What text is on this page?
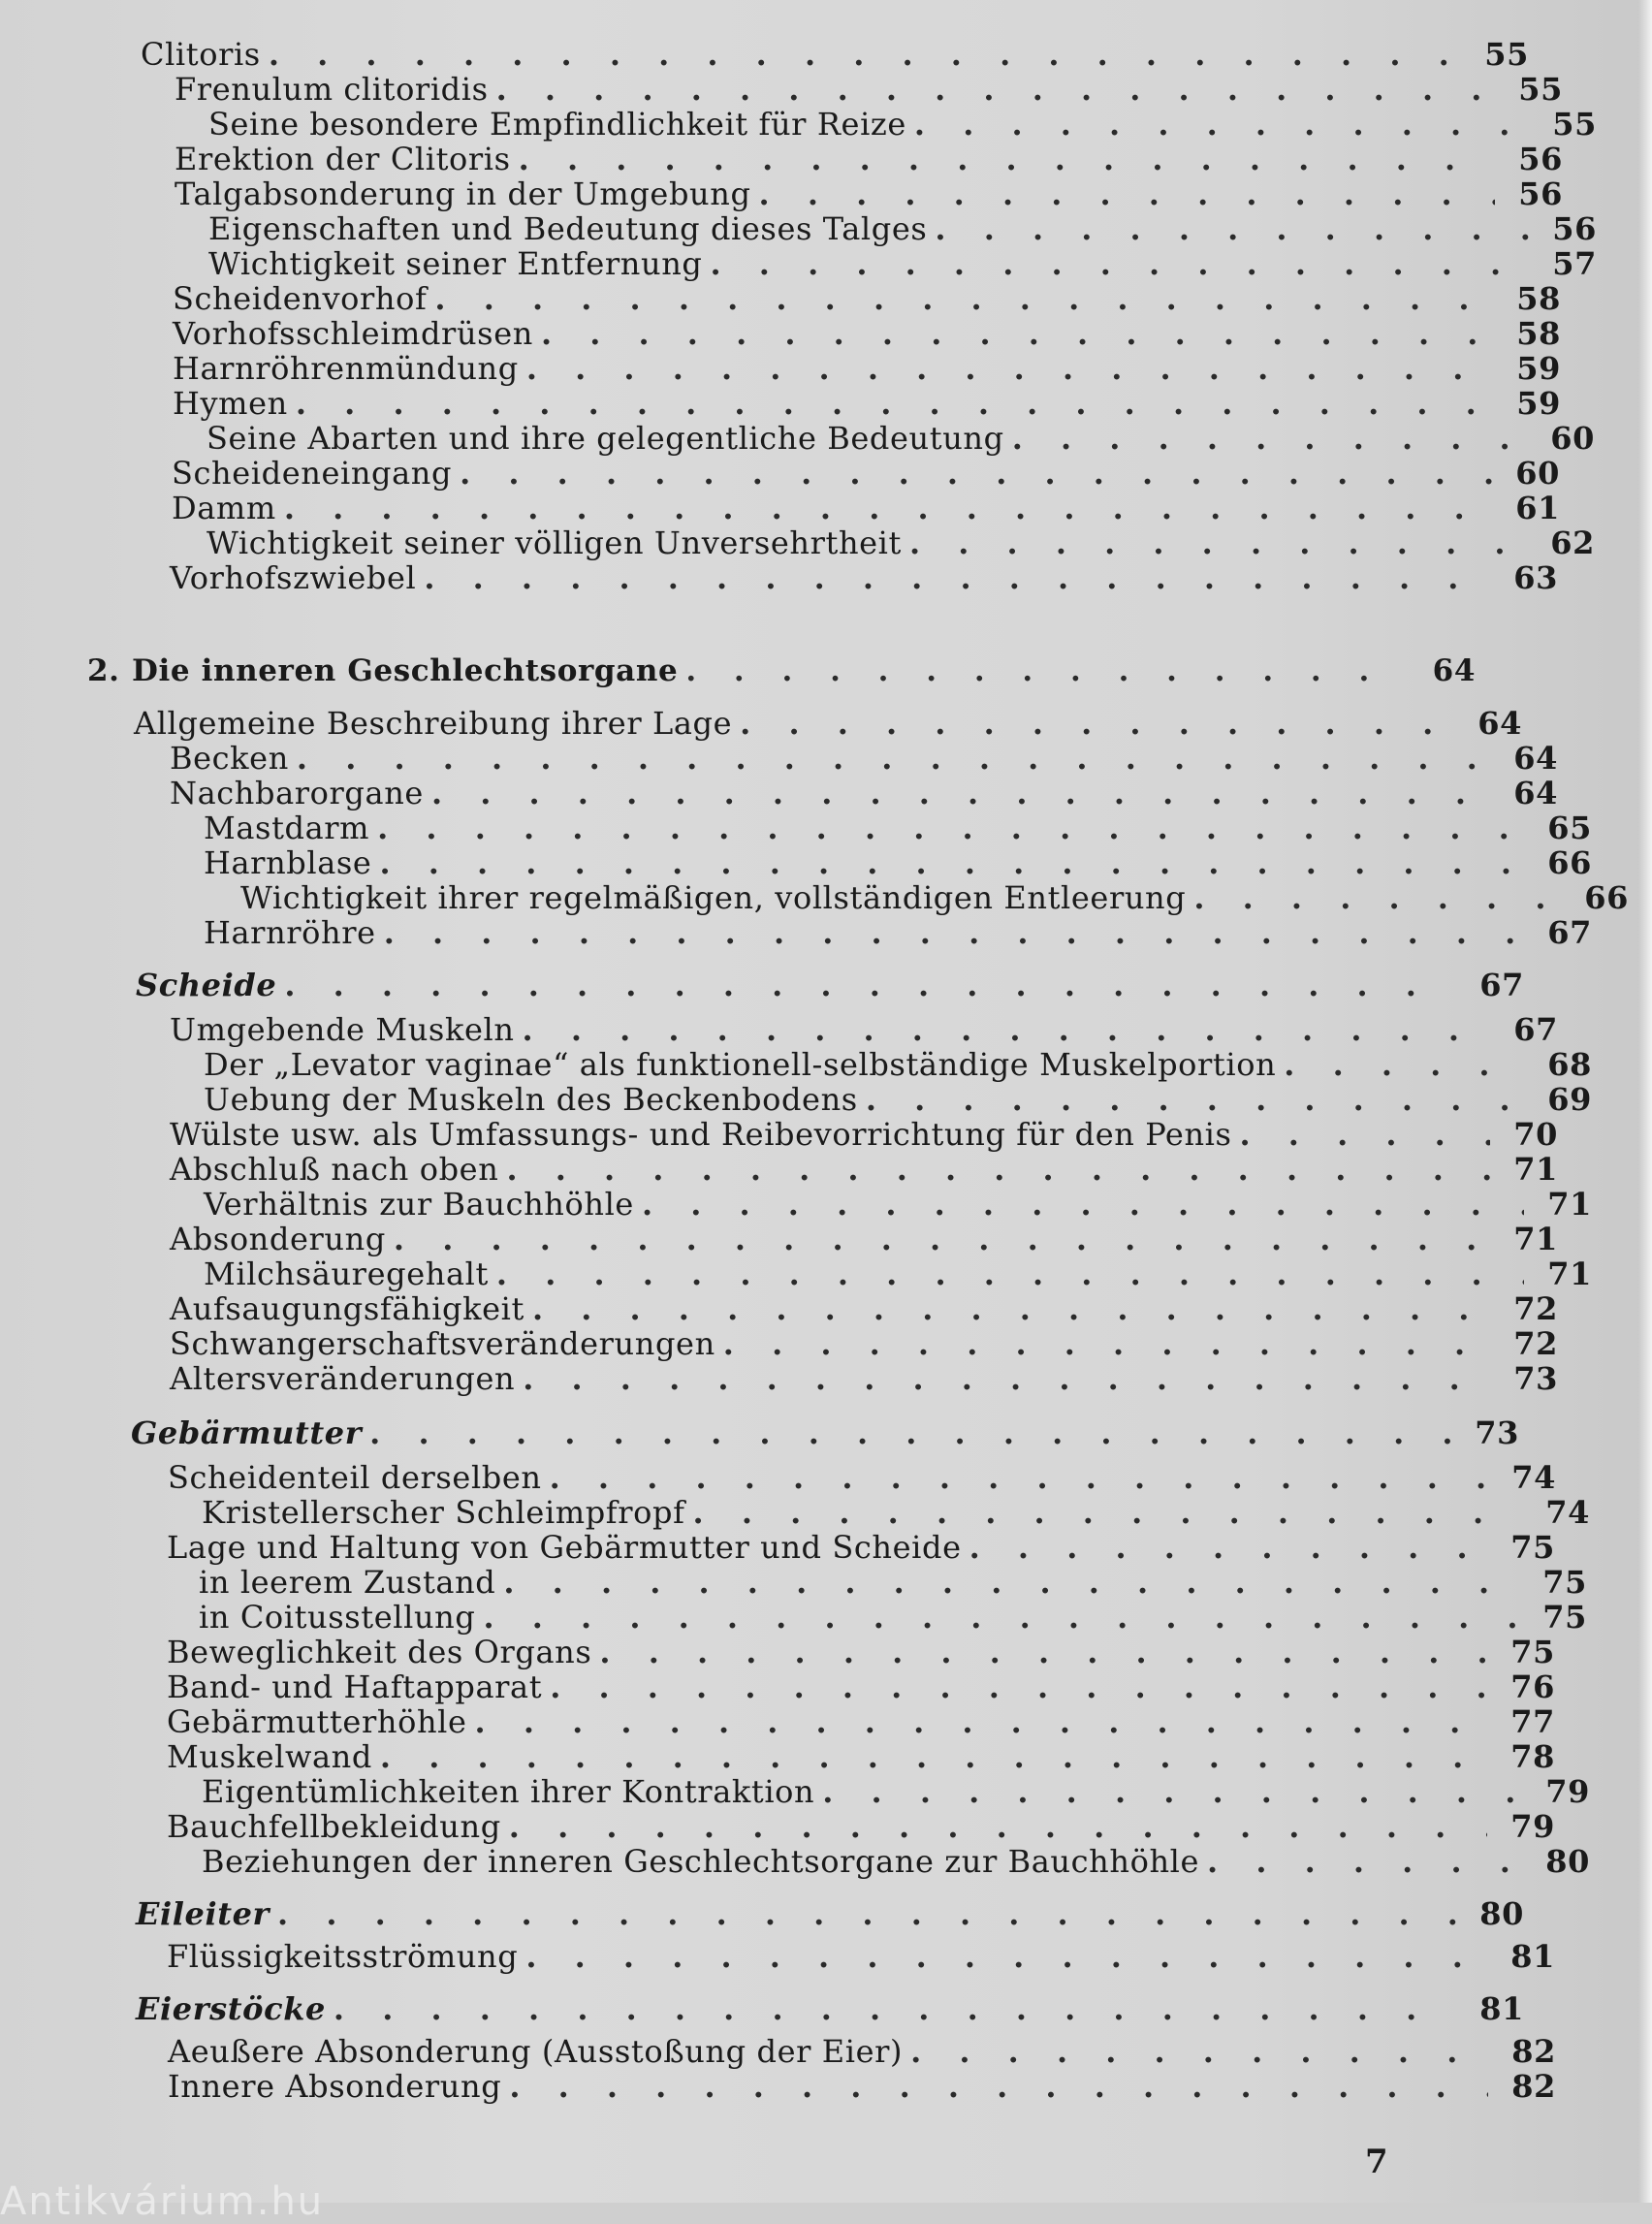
Clitoris . . .	55
Frenulum clitoridis . . .	55
Seine besondere Empfindlichkeit für Reize . . .	55
Erektion der Clitoris . . .	56
Talgabsonderung in der Umgebung . . .	56
Eigenschaften und Bedeutung dieses Talges . . .	56
Wichtigkeit seiner Entfernung . . .	57
Scheidenvorhof . . .	58
Vorhofsschleimdrüsen . . .	58
Harnröhrenmündung . . .	59
Hymen . . .	59
Seine Abarten und ihre gelegentliche Bedeutung . . .	60
Scheideneingang . . .	60
Damm . . .	61
Wichtigkeit seiner völligen Unversehrtheit . . .	62
Vorhofszwiebel . . .	63
2. Die inneren Geschlechtsorgane . . .	64
Allgemeine Beschreibung ihrer Lage . . .	64
Becken . . .	64
Nachbarorgane . . .	64
Mastdarm . . .	65
Harnblase . . .	66
Wichtigkeit ihrer regelmäßigen, vollständigen Entleerung . . .	66
Harnröhre . . .	67
Scheide . . .	67
Umgebende Muskeln . . .	67
Der „Levator vaginae“ als funktionell-selbständige Muskelportion . . .	68
Uebung der Muskeln des Beckenbodens . . .	69
Wülste usw. als Umfassungs- und Reibevorrichtung für den Penis . . .	70
Abschluß nach oben . . .	71
Verhältnis zur Bauchhöhle . . .	71
Absonderung . . .	71
Milchsäuregehalt . . .	71
Aufsaugungsfähigkeit . . .	72
Schwangerschaftsveränderungen . . .	72
Altersveränderungen . . .	73
Gebärmutter . . .	73
Scheidenteil derselben . . .	74
Kristellerscher Schleimpfropf . . .	74
Lage und Haltung von Gebärmutter und Scheide . . .	75
in leerem Zustand . . .	75
in Coitusstellung . . .	75
Beweglichkeit des Organs . . .	75
Band- und Haftapparat . . .	76
Gebärmutterhöhle . . .	77
Muskelwand . . .	78
Eigentümlichkeiten ihrer Kontraktion . . .	79
Bauchfellbekleidung . . .	79
Beziehungen der inneren Geschlechtsorgane zur Bauchhöhle . . .	80
Eileiter . . .	80
Flüssigkeitsströmung . . .	81
Eierstöcke . . .	81
Aeußere Absonderung (Ausstoßung der Eier) . . .	82
Innere Absonderung . . .	82
7
Antikvárium.hu
